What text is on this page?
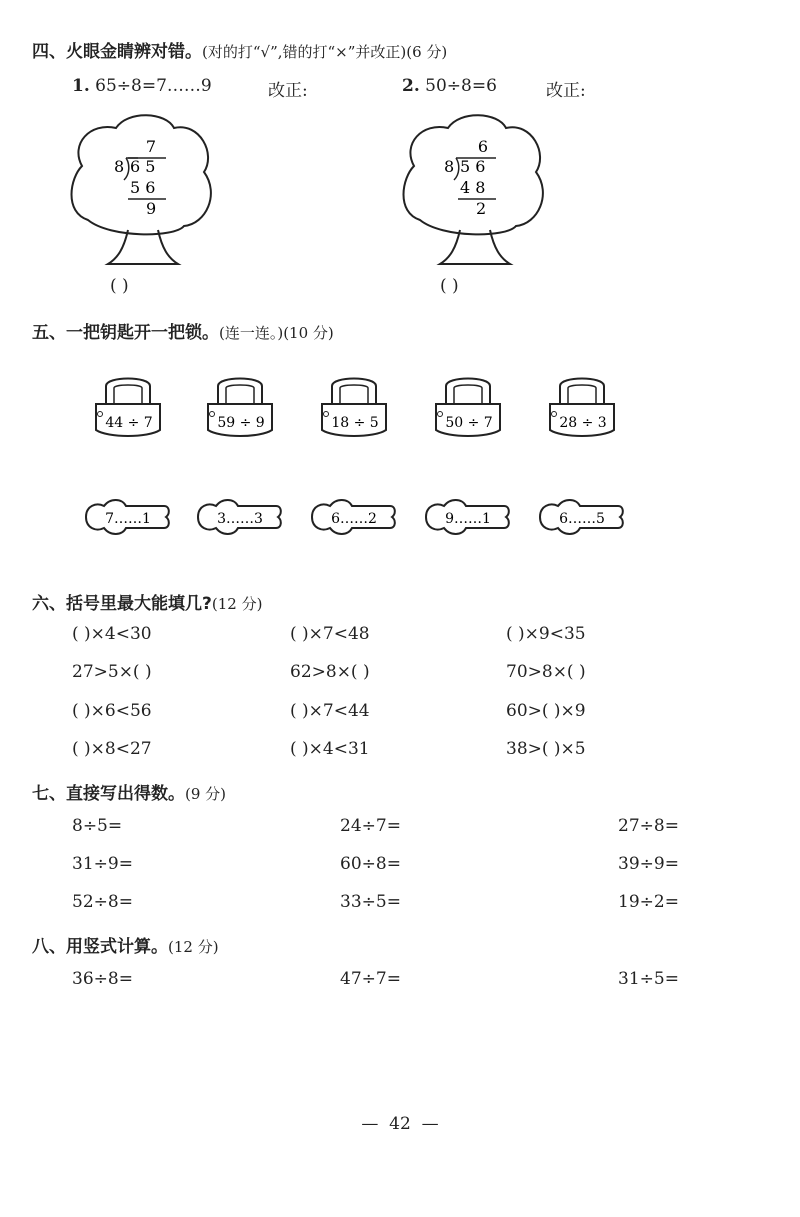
四、火眼金睛辨对错。(对的打“√”,错的打“×”并改正)(6 分)
1. 65÷8=7……9	改正:	2. 50÷8=6	改正:
7
8 6 5
5 6
9
( )
6
8 5 6
4 8
2
( )
五、一把钥匙开一把锁。(连一连。)(10 分)
44 ÷ 7	59 ÷ 9	18 ÷ 5	50 ÷ 7	28 ÷ 3
7……1	3……3	6……2	9……1	6……5
六、括号里最大能填几?(12 分)
( )×4<30	( )×7<48	( )×9<35
27>5×( )	62>8×( )	70>8×( )
( )×6<56	( )×7<44	60>( )×9
( )×8<27	( )×4<31	38>( )×5
七、直接写出得数。(9 分)
8÷5=	24÷7=	27÷8=
31÷9=	60÷8=	39÷9=
52÷8=	33÷5=	19÷2=
八、用竖式计算。(12 分)
36÷8=	47÷7=	31÷5=
—  42  —
